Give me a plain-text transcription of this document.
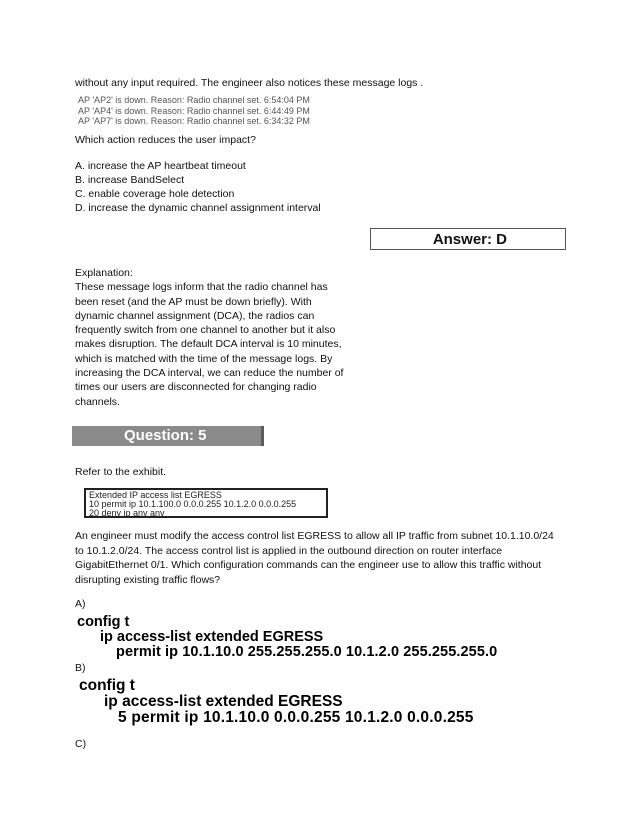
without any input required. The engineer also notices these message logs .
AP 'AP2' is down. Reason: Radio channel set. 6:54:04 PM
AP 'AP4' is down. Reason: Radio channel set. 6:44:49 PM
AP 'AP7' is down. Reason: Radio channel set. 6:34:32 PM
Which action reduces the user impact?
A. increase the AP heartbeat timeout
B. increase BandSelect
C. enable coverage hole detection
D. increase the dynamic channel assignment interval
Answer: D
Explanation:
These message logs inform that the radio channel has
been reset (and the AP must be down briefly). With
dynamic channel assignment (DCA), the radios can
frequently switch from one channel to another but it also
makes disruption. The default DCA interval is 10 minutes,
which is matched with the time of the message logs. By
increasing the DCA interval, we can reduce the number of
times our users are disconnected for changing radio
channels.
Question: 5
Refer to the exhibit.
Extended IP access list EGRESS
10 permit ip 10.1.100.0 0.0.0.255 10.1.2.0 0.0.0.255
20 deny ip any any
An engineer must modify the access control list EGRESS to allow all IP traffic from subnet 10.1.10.0/24
to 10.1.2.0/24. The access control list is applied in the outbound direction on router interface
GigabitEthernet 0/1. Which configuration commands can the engineer use to allow this traffic without
disrupting existing traffic flows?
A)
config t
ip access-list extended EGRESS
permit ip 10.1.10.0 255.255.255.0 10.1.2.0 255.255.255.0
B)
config t
ip access-list extended EGRESS
5 permit ip 10.1.10.0 0.0.0.255 10.1.2.0 0.0.0.255
C)
